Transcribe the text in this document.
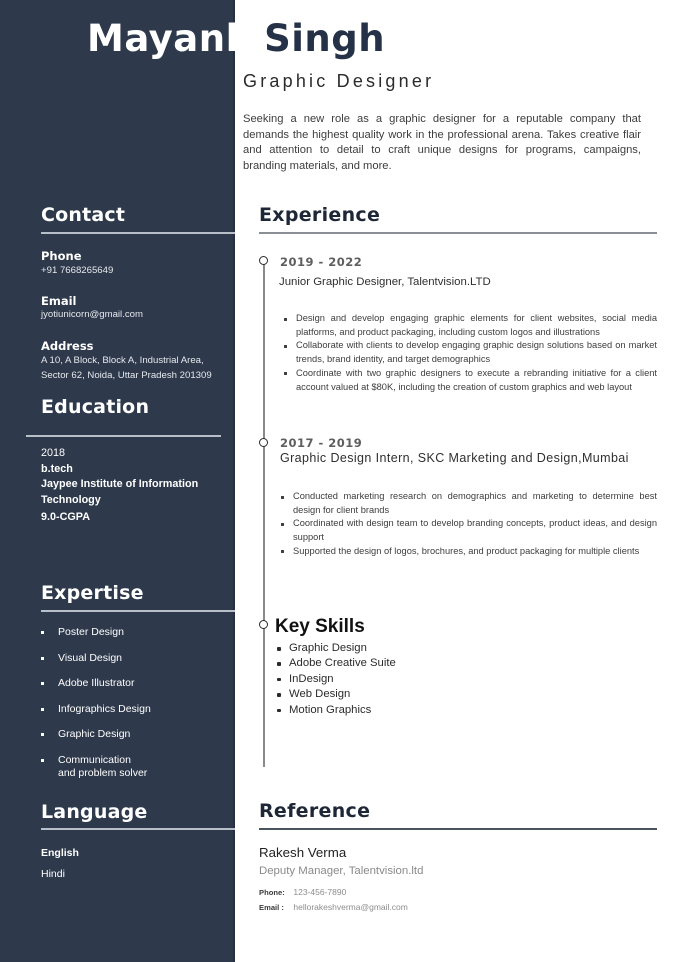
Mayank Singh
Graphic Designer

Seeking a new role as a graphic designer for a reputable company that demands the highest quality work in the professional arena. Takes creative flair and attention to detail to craft unique designs for programs, campaigns, branding materials, and more.

Contact
Phone
+91 7668265649
Email
jyotiunicorn@gmail.com
Address
A 10, A Block, Block A, Industrial Area,
Sector 62, Noida, Uttar Pradesh 201309
Education
2018
b.tech
Jaypee Institute of Information
Technology
9.0-CGPA
Expertise
Poster Design
Visual Design
Adobe Illustrator
Infographics Design
Graphic Design
Communication
and problem solver
Language
English
Hindi
Experience
2019 - 2022
Junior Graphic Designer, Talentvision.LTD
Design and develop engaging graphic elements for client websites, social media platforms, and product packaging, including custom logos and illustrations
Collaborate with clients to develop engaging graphic design solutions based on market trends, brand identity, and target demographics
Coordinate with two graphic designers to execute a rebranding initiative for a client account valued at $80K, including the creation of custom graphics and web layout
2017 - 2019
Graphic Design Intern, SKC Marketing and Design,Mumbai
Conducted marketing research on demographics and marketing to determine best design for client brands
Coordinated with design team to develop branding concepts, product ideas, and design support
Supported the design of logos, brochures, and product packaging for multiple clients
Key Skills
Graphic Design
Adobe Creative Suite
InDesign
Web Design
Motion Graphics
Reference
Rakesh Verma
Deputy Manager, Talentvision.ltd
Phone: 123-456-7890
Email : hellorakeshverma@gmail.com
